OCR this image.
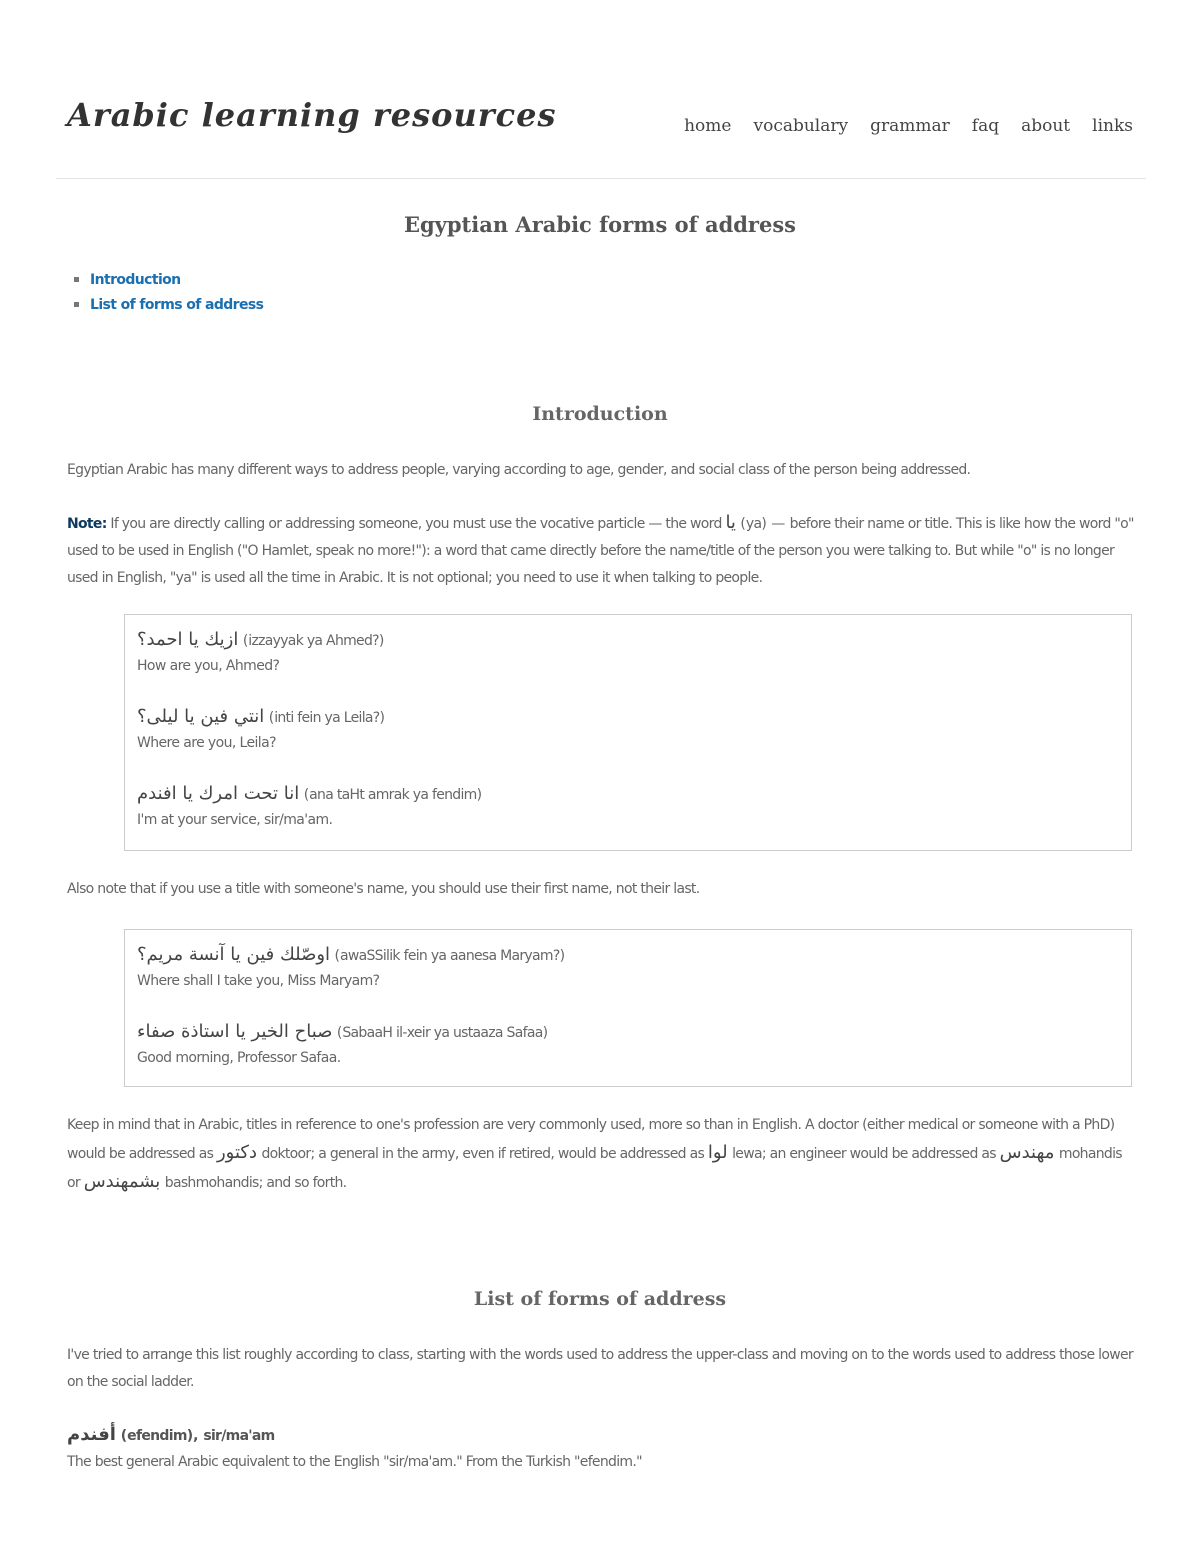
Arabic learning resources	home vocabulary grammar faq about links
Egyptian Arabic forms of address
Introduction
List of forms of address
Introduction

Egyptian Arabic has many different ways to address people, varying according to age, gender, and social class of the person being addressed.

Note: If you are directly calling or addressing someone, you must use the vocative particle — the word يا (ya) — before their name or title. This is like how the word "o" used to be used in English ("O Hamlet, speak no more!"): a word that came directly before the name/title of the person you were talking to. But while "o" is no longer used in English, "ya" is used all the time in Arabic. It is not optional; you need to use it when talking to people.

ازيك يا احمد؟ (izzayyak ya Ahmed?)
How are you, Ahmed?
انتي فين يا ليلى؟ (inti fein ya Leila?)
Where are you, Leila?
انا تحت امرك يا افندم (ana taHt amrak ya fendim)
I'm at your service, sir/ma'am.

Also note that if you use a title with someone's name, you should use their first name, not their last.

اوصّلك فين يا آنسة مريم؟ (awaSSilik fein ya aanesa Maryam?)
Where shall I take you, Miss Maryam?
صباح الخير يا استاذة صفاء (SabaaH il-xeir ya ustaaza Safaa)
Good morning, Professor Safaa.

Keep in mind that in Arabic, titles in reference to one's profession are very commonly used, more so than in English. A doctor (either medical or someone with a PhD) would be addressed as دكتور doktoor; a general in the army, even if retired, would be addressed as لوا lewa; an engineer would be addressed as مهندس mohandis or بشمهندس bashmohandis; and so forth.

List of forms of address

I've tried to arrange this list roughly according to class, starting with the words used to address the upper-class and moving on to the words used to address those lower on the social ladder.

أفندم (efendim), sir/ma'am
The best general Arabic equivalent to the English "sir/ma'am." From the Turkish "efendim."
